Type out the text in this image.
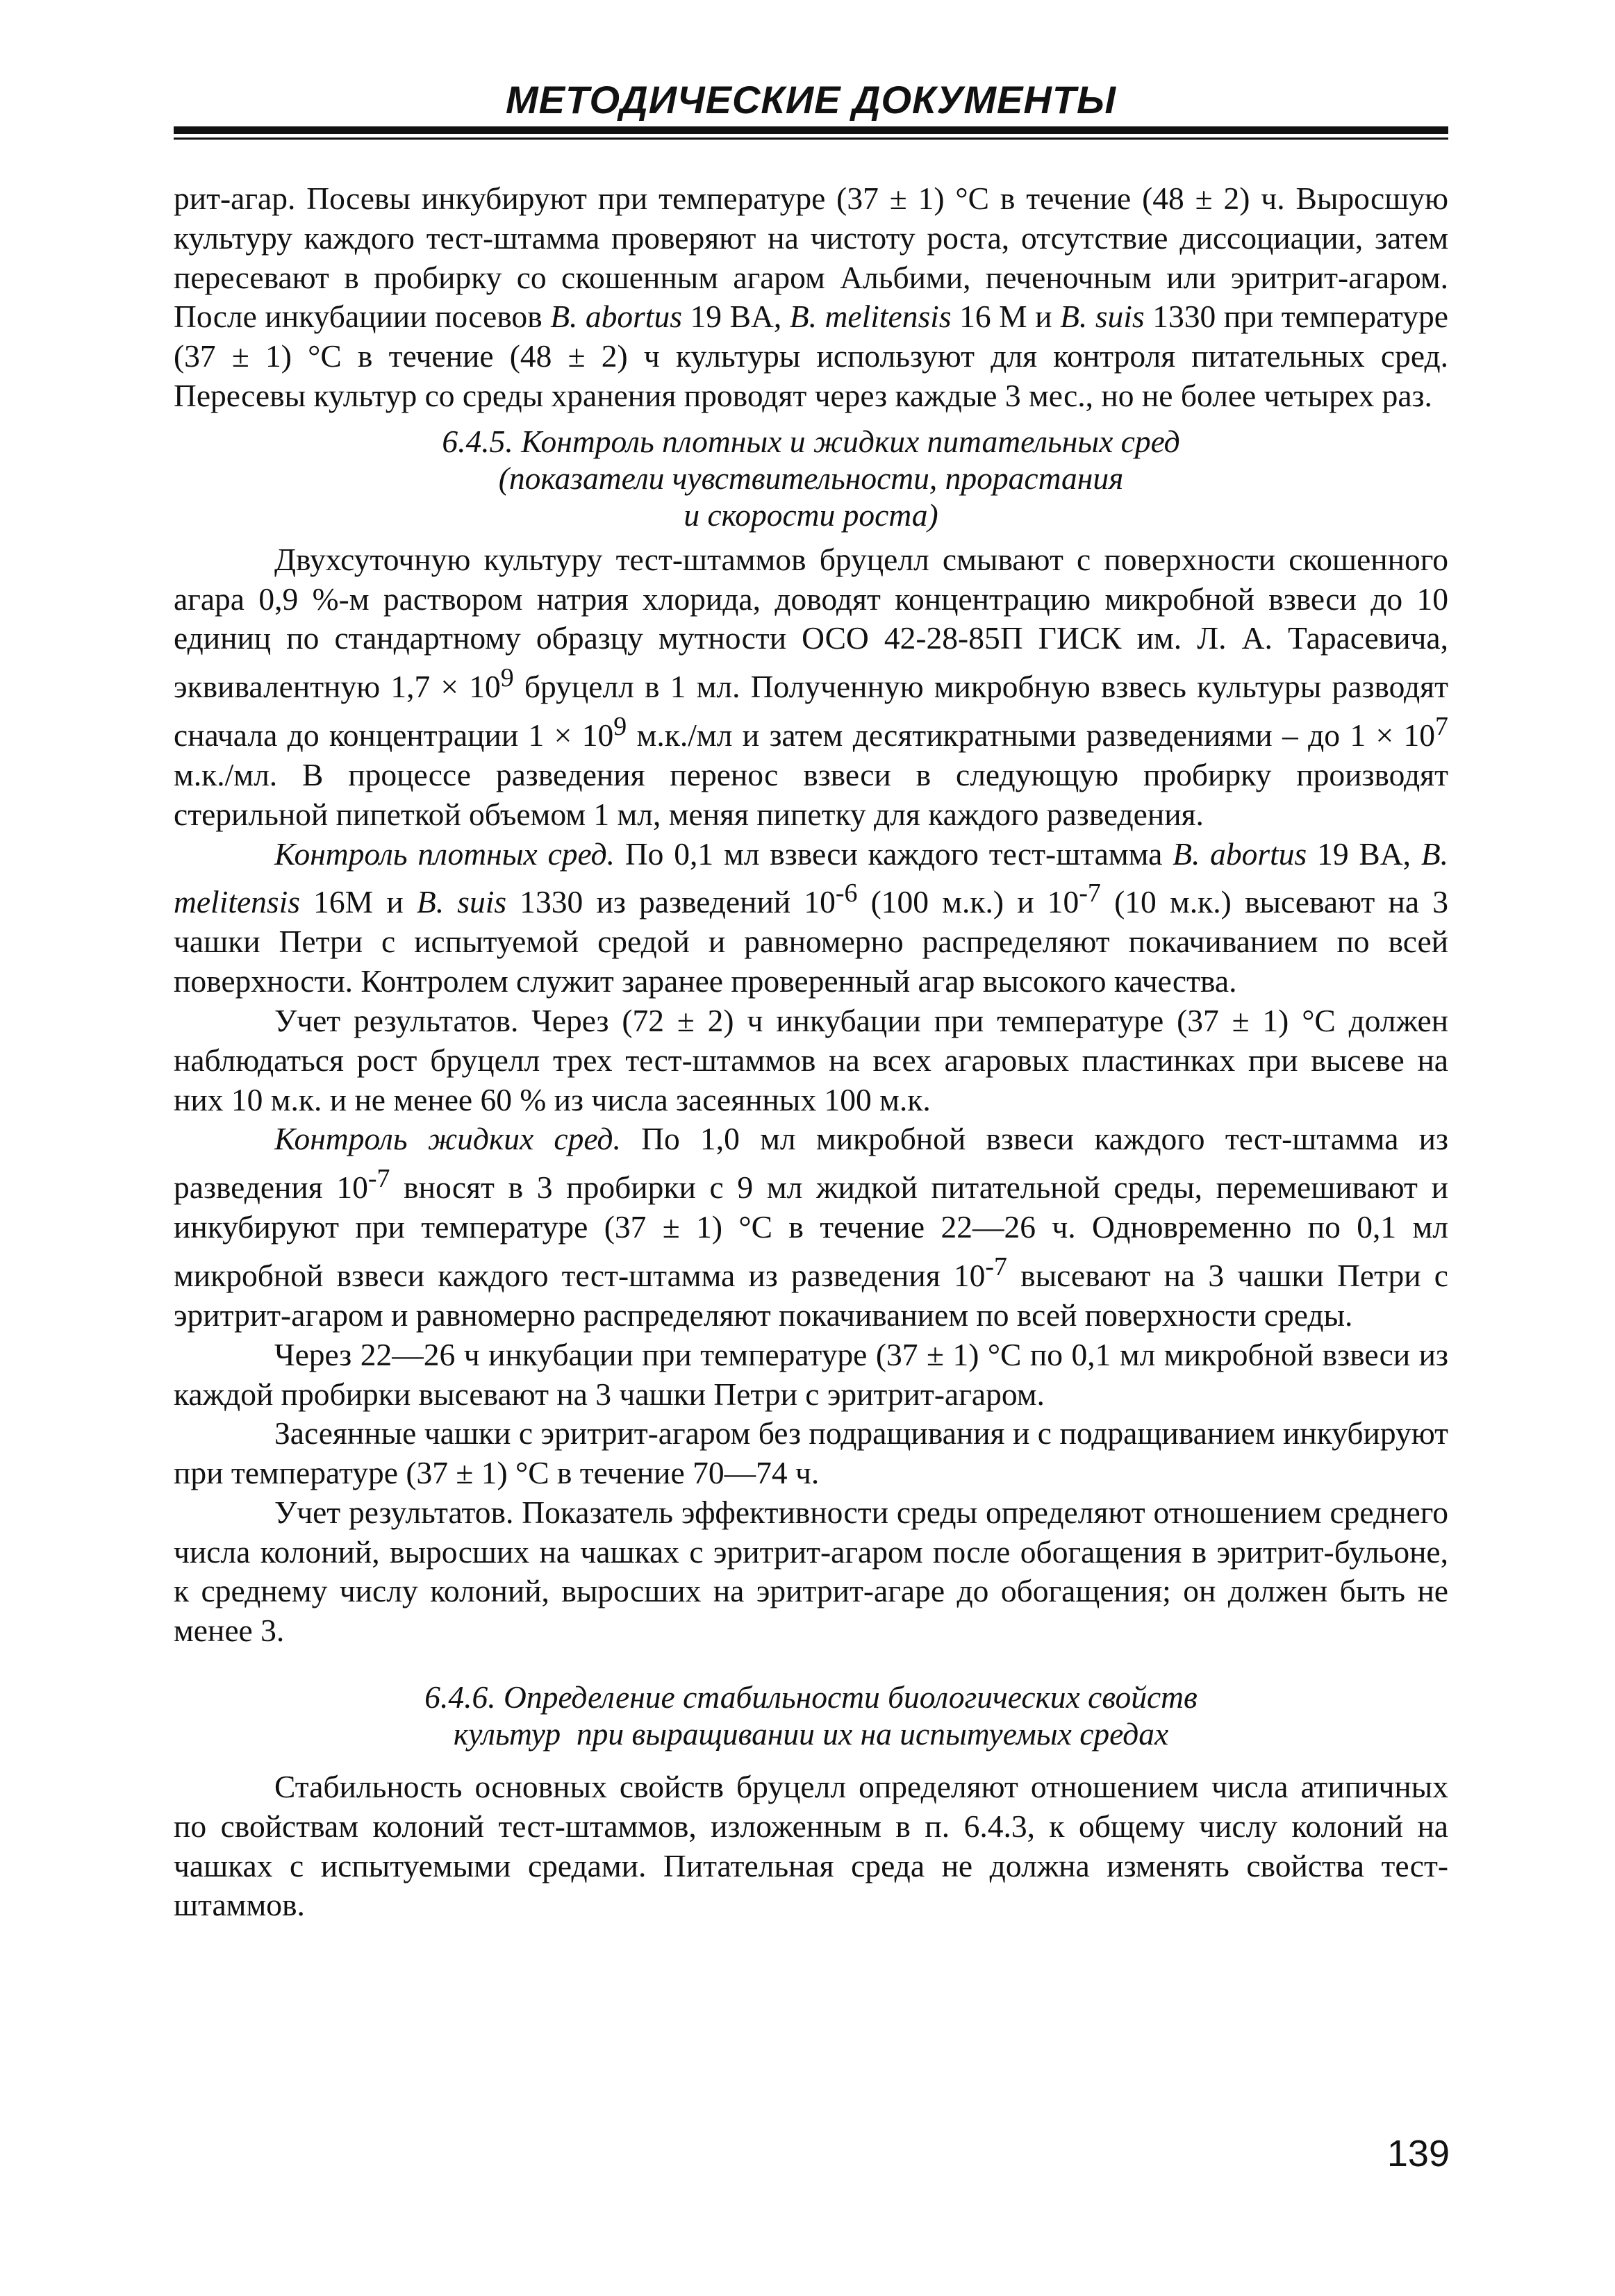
МЕТОДИЧЕСКИЕ ДОКУМЕНТЫ

рит-агар. Посевы инкубируют при температуре (37 ± 1) °С в течение (48 ± 2) ч. Выросшую культуру каждого тест-штамма проверяют на чистоту роста, отсутствие диссоциации, затем пересевают в пробирку со скошенным агаром Альбими, печеночным или эритрит-агаром. После инкубациии посевов B. abortus 19 BA, B. melitensis 16 M и B. suis 1330 при температуре (37 ± 1) °С в течение (48 ± 2) ч культуры используют для контроля питательных сред. Пересевы культур со среды хранения проводят через каждые 3 мес., но не более четырех раз.

6.4.5. Контроль плотных и жидких питательных сред
(показатели чувствительности, прорастания
и скорости роста)

Двухсуточную культуру тест-штаммов бруцелл смывают с поверхности скошенного агара 0,9 %-м раствором натрия хлорида, доводят концентрацию микробной взвеси до 10 единиц по стандартному образцу мутности ОСО 42-28-85П ГИСК им. Л. А. Тарасевича, эквивалентную $1,7 \times 10^9$ бруцелл в 1 мл. Полученную микробную взвесь культуры разводят сначала до концентрации $1 \times 10^9$ м.к./мл и затем десятикратными разведениями – до $1 \times 10^7$ м.к./мл. В процессе разведения перенос взвеси в следующую пробирку производят стерильной пипеткой объемом 1 мл, меняя пипетку для каждого разведения.

Контроль плотных сред. По 0,1 мл взвеси каждого тест-штамма B. abortus 19 BA, B. melitensis 16M и B. suis 1330 из разведений $10^{-6}$ (100 м.к.) и $10^{-7}$ (10 м.к.) высевают на 3 чашки Петри с испытуемой средой и равномерно распределяют покачиванием по всей поверхности. Контролем служит заранее проверенный агар высокого качества.

Учет результатов. Через (72 ± 2) ч инкубации при температуре (37 ± 1) °С должен наблюдаться рост бруцелл трех тест-штаммов на всех агаровых пластинках при высеве на них 10 м.к. и не менее 60 % из числа засеянных 100 м.к.

Контроль жидких сред. По 1,0 мл микробной взвеси каждого тест-штамма из разведения $10^{-7}$ вносят в 3 пробирки с 9 мл жидкой питательной среды, перемешивают и инкубируют при температуре (37 ± 1) °С в течение 22—26 ч. Одновременно по 0,1 мл микробной взвеси каждого тест-штамма из разведения $10^{-7}$ высевают на 3 чашки Петри с эритрит-агаром и равномерно распределяют покачиванием по всей поверхности среды.

Через 22—26 ч инкубации при температуре (37 ± 1) °С по 0,1 мл микробной взвеси из каждой пробирки высевают на 3 чашки Петри с эритрит-агаром.

Засеянные чашки с эритрит-агаром без подращивания и с подращиванием инкубируют при температуре (37 ± 1) °С в течение 70—74 ч.

Учет результатов. Показатель эффективности среды определяют отношением среднего числа колоний, выросших на чашках с эритрит-агаром после обогащения в эритрит-бульоне, к среднему числу колоний, выросших на эритрит-агаре до обогащения; он должен быть не менее 3.

6.4.6. Определение стабильности биологических свойств
культур  при выращивании их на испытуемых средах

Стабильность основных свойств бруцелл определяют отношением числа атипичных по свойствам колоний тест-штаммов, изложенным в п. 6.4.3, к общему числу колоний на чашках с испытуемыми средами. Питательная среда не должна изменять свойства тест-штаммов.

139
